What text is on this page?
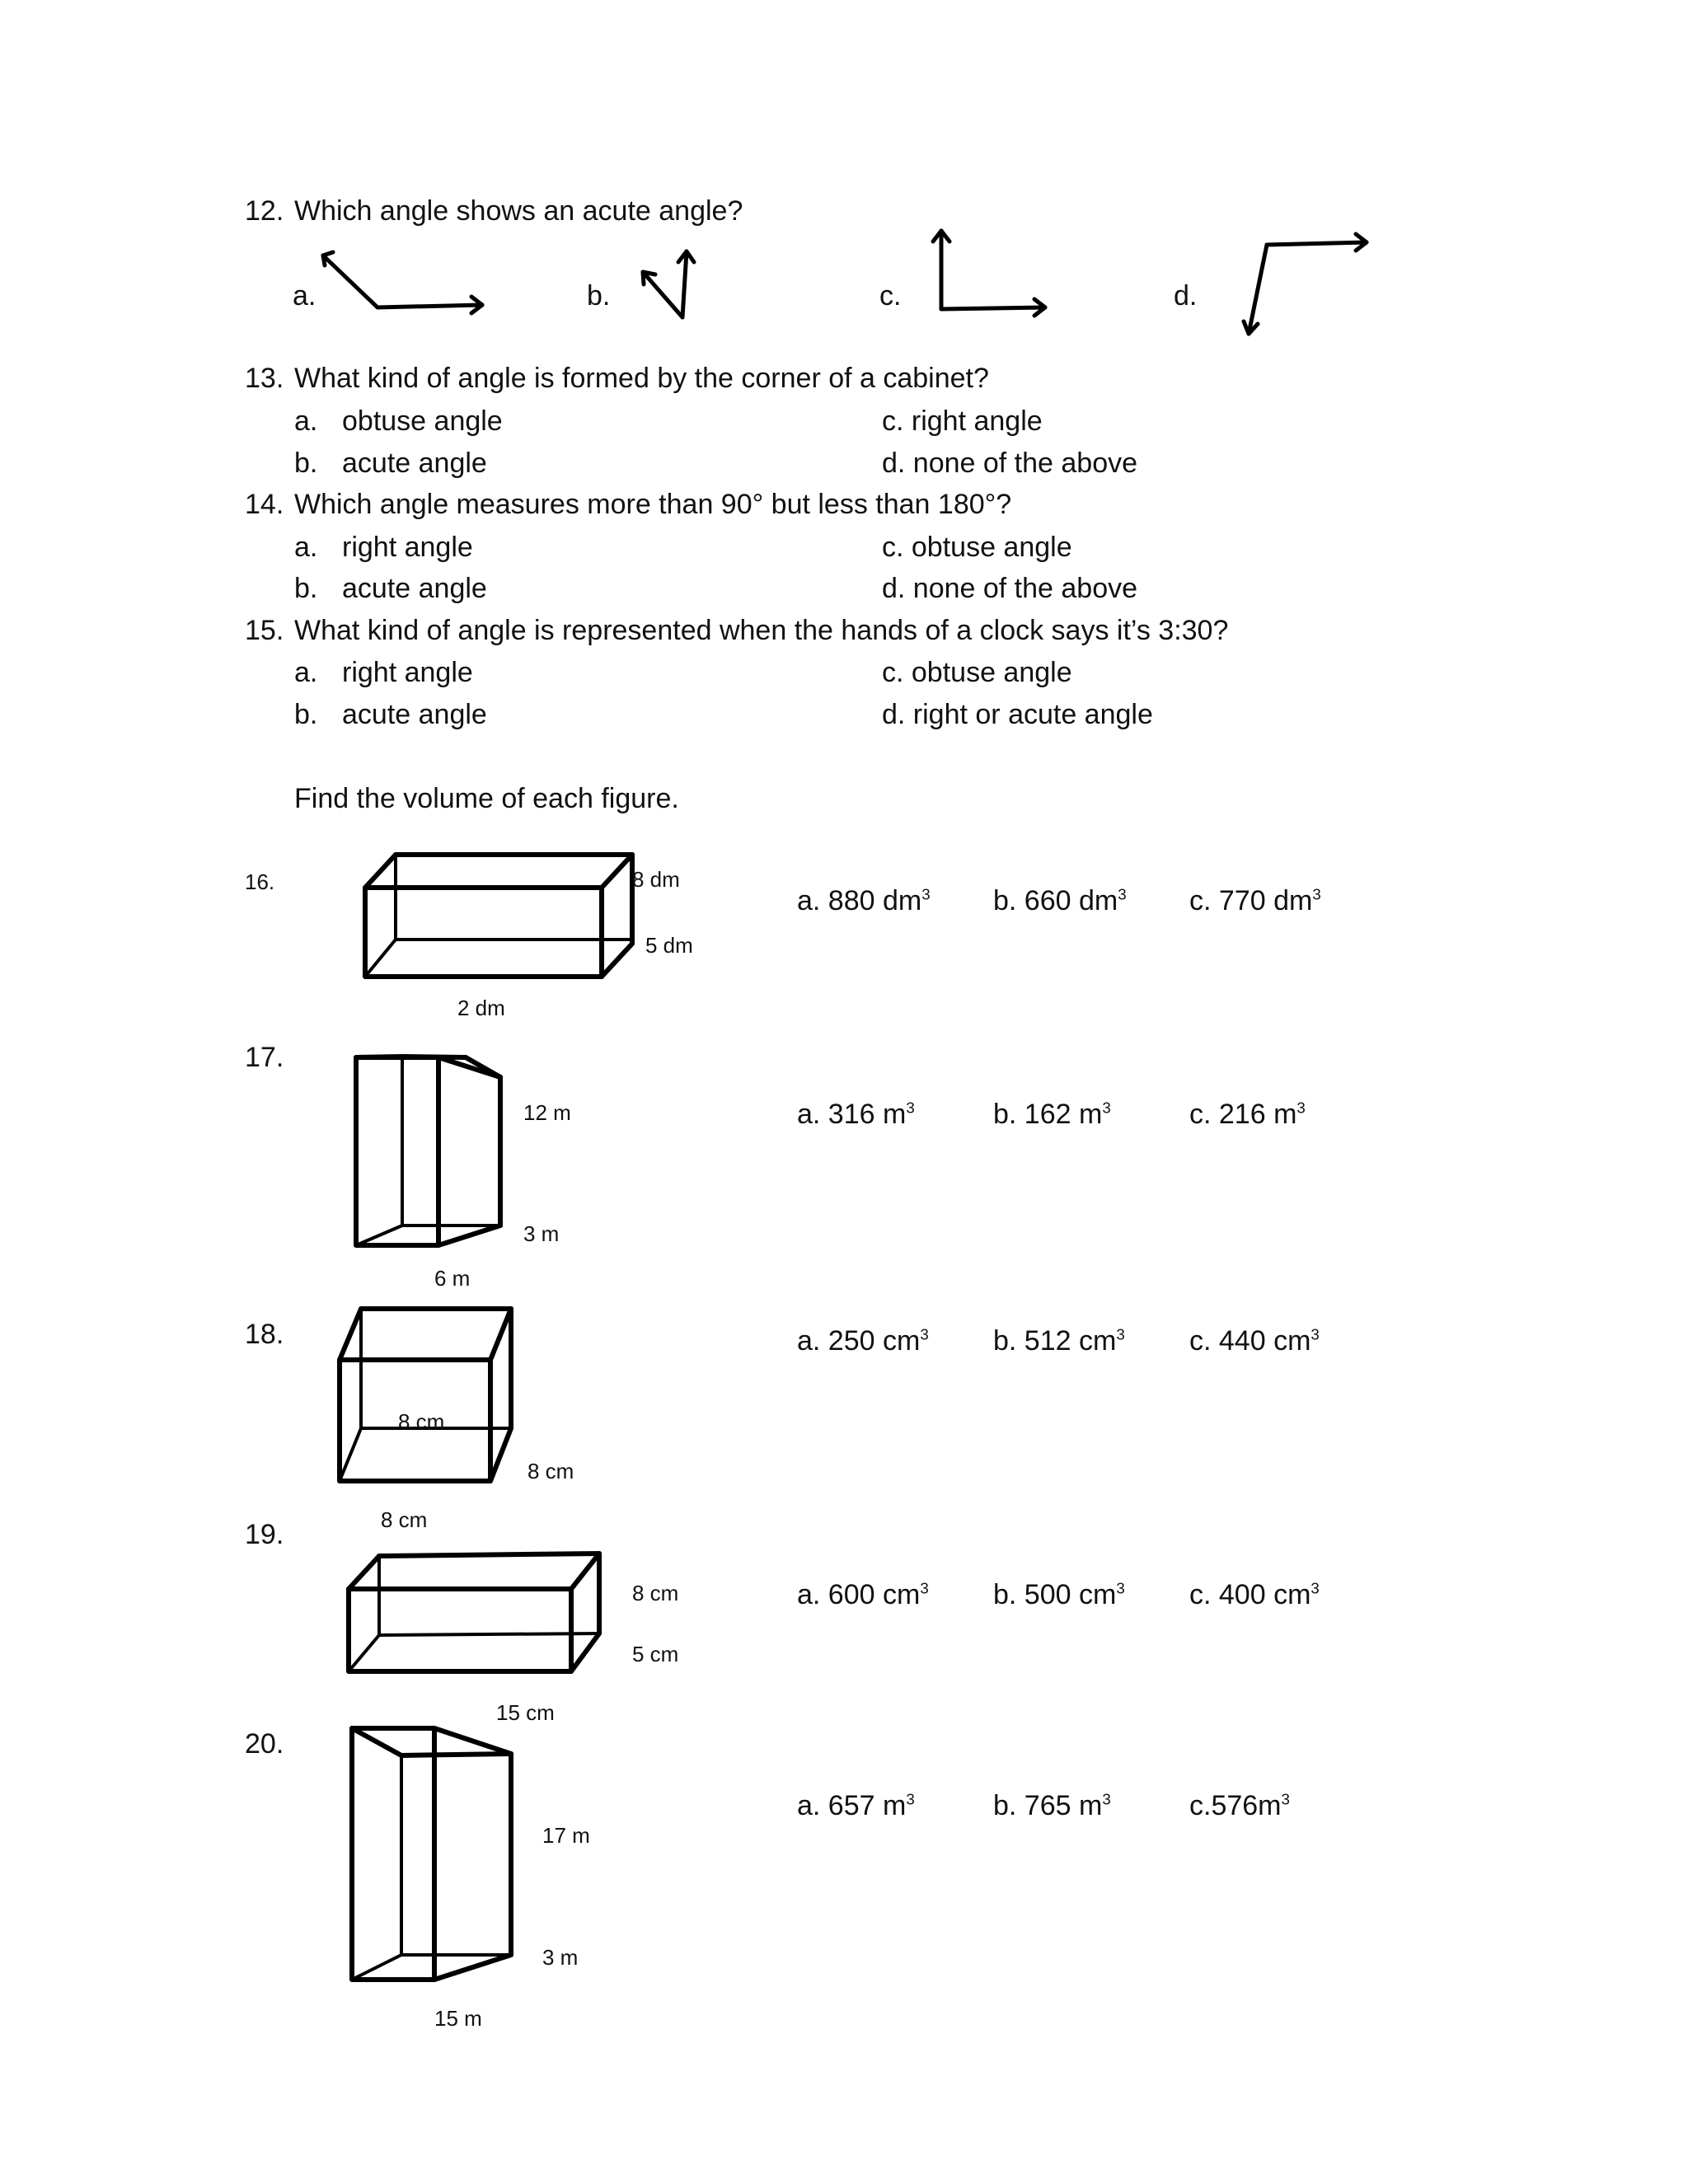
12. Which angle shows an acute angle?
a.	b.	c.	d.
13. What kind of angle is formed by the corner of a cabinet?
a. obtuse angle	c. right angle
b. acute angle	d. none of the above
14. Which angle measures more than 90° but less than 180°?
a. right angle	c. obtuse angle
b. acute angle	d. none of the above
15. What kind of angle is represented when the hands of a clock says it’s 3:30?
a. right angle	c. obtuse angle
b. acute angle	d. right or acute angle
Find the volume of each figure.
16.	8 dm
5 dm
2 dm
a. 880 $dm^3$ b. 660 $dm^3$ c. 770 $dm^3$
17.
12 m
3 m
6 m
a. 316 $m^3$	b. 162 $m^3$	c. 216 $m^3$
18.
8 cm
8 cm
8 cm
a. 250 $cm^3$ b. 512 $cm^3$ c. 440 $cm^3$
19.
8 cm
5 cm
15 cm
a. 600 $cm^3$ b. 500 $cm^3$ c. 400 $cm^3$
20.
17 m
3 m
15 m
a. 657 $m^3$	b. 765 $m^3$	$c.576m^3$
